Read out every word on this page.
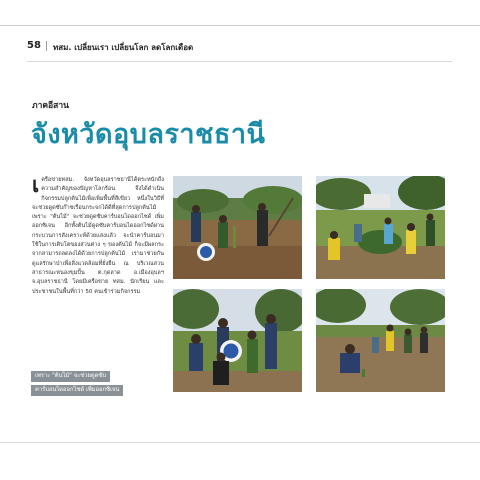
58 ทสม. เปลี่ยนเรา เปลี่ยนโลก ลดโลกเดือด
ภาคอีสาน
จังหวัดอุบลราชธานี

เครือข่ายทสม. จังหวัดอุบลราชธานีได้ตระหนักถึงความสำคัญของปัญหาโลกร้อน จึงได้ดำเนินกิจกรรมปลูกต้นไม้เพื่อเพิ่มพื้นที่สีเขียว หนึ่งในวิธีที่จะช่วยดูดซับก๊าซเรือนกระจกได้ดีที่สุดการปลูกต้นไม้ เพราะ "ต้นไม้" จะช่วยดูดซับคาร์บอนไดออกไซด์ เพิ่มออกซิเจน อีกทั้งต้นไม้ดูดซับคาร์บอนไดออกไซด์ผ่านกระบวนการสังเคราะห์ด้วยแสงแล้ว จะนำคาร์บอนมาใช้ในการเติบโตของส่วนต่าง ๆ ของต้นไม้ ก็จะมีผลกระจากสามารถลดลงได้ด้วยการปลูกต้นไม้ เรามาช่วยกันดูแลรักษาป่าเพื่อสิ่งแวดล้อมที่ยั่งยืน ณ บริเวณสวนสาธารณะหนองขุมปั้น ต.กุดลาด อ.เมืองอุบลฯ จ.อุบลราชธานี โดยมีเครือข่าย ทสม. นักเรียน และประชาชนในพื้นที่กว่า 50 คนเข้าร่วมกิจกรรม

เพราะ "ต้นไม้" จะช่วยดูดซับ
คาร์บอนไดออกไซด์ เพิ่มออกซิเจน
